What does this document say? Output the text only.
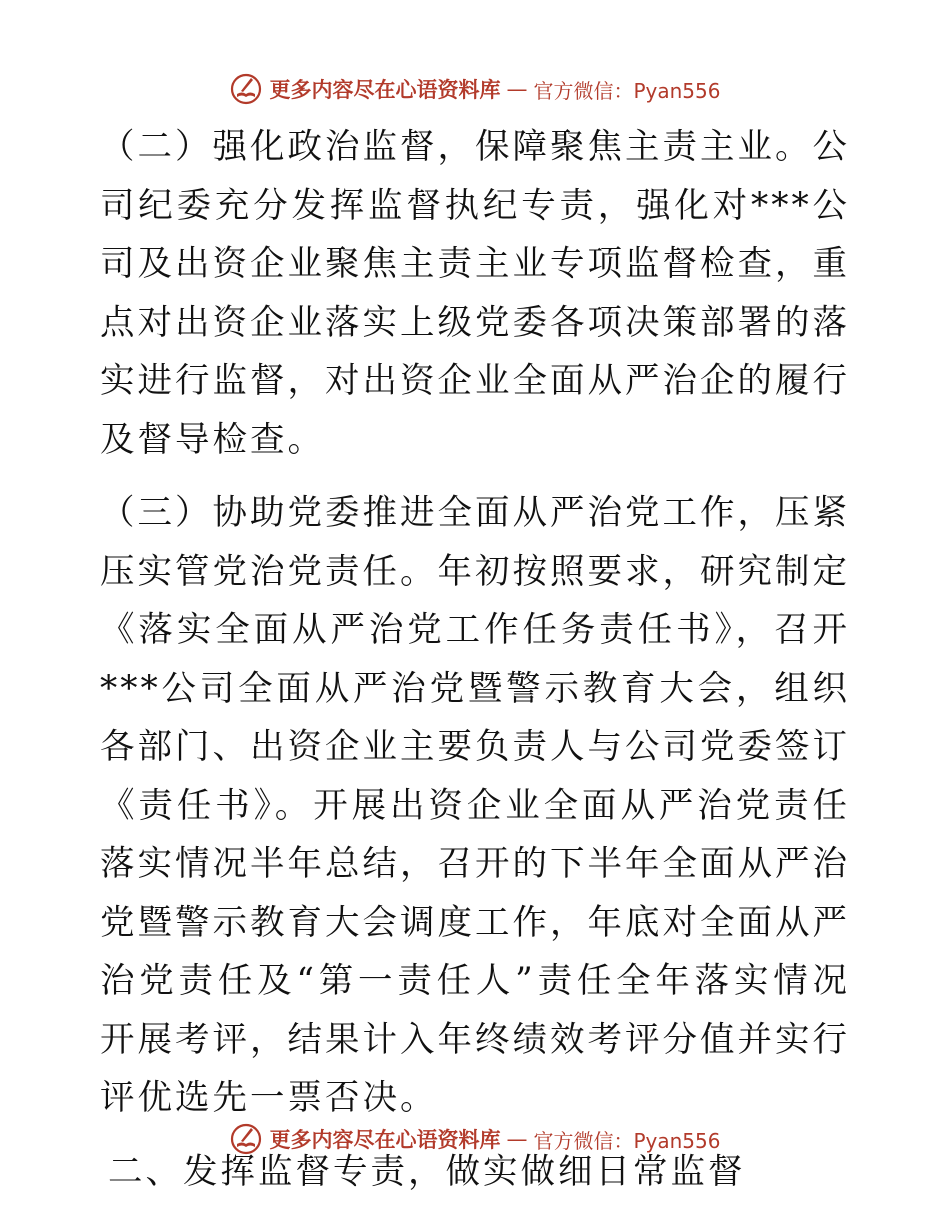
更多内容尽在心语资料库 — 官方微信：Pyan556

（二）强化政治监督，保障聚焦主责主业。公司纪委充分发挥监督执纪专责，强化对***公司及出资企业聚焦主责主业专项监督检查，重点对出资企业落实上级党委各项决策部署的落实进行监督，对出资企业全面从严治企的履行及督导检查。

（三）协助党委推进全面从严治党工作，压紧压实管党治党责任。年初按照要求，研究制定《落实全面从严治党工作任务责任书》，召开***公司全面从严治党暨警示教育大会，组织各部门、出资企业主要负责人与公司党委签订《责任书》。开展出资企业全面从严治党责任落实情况半年总结，召开的下半年全面从严治党暨警示教育大会调度工作，年底对全面从严治党责任及“第一责任人”责任全年落实情况开展考评，结果计入年终绩效考评分值并实行评优选先一票否决。

二、发挥监督专责，做实做细日常监督

更多内容尽在心语资料库 — 官方微信：Pyan556
